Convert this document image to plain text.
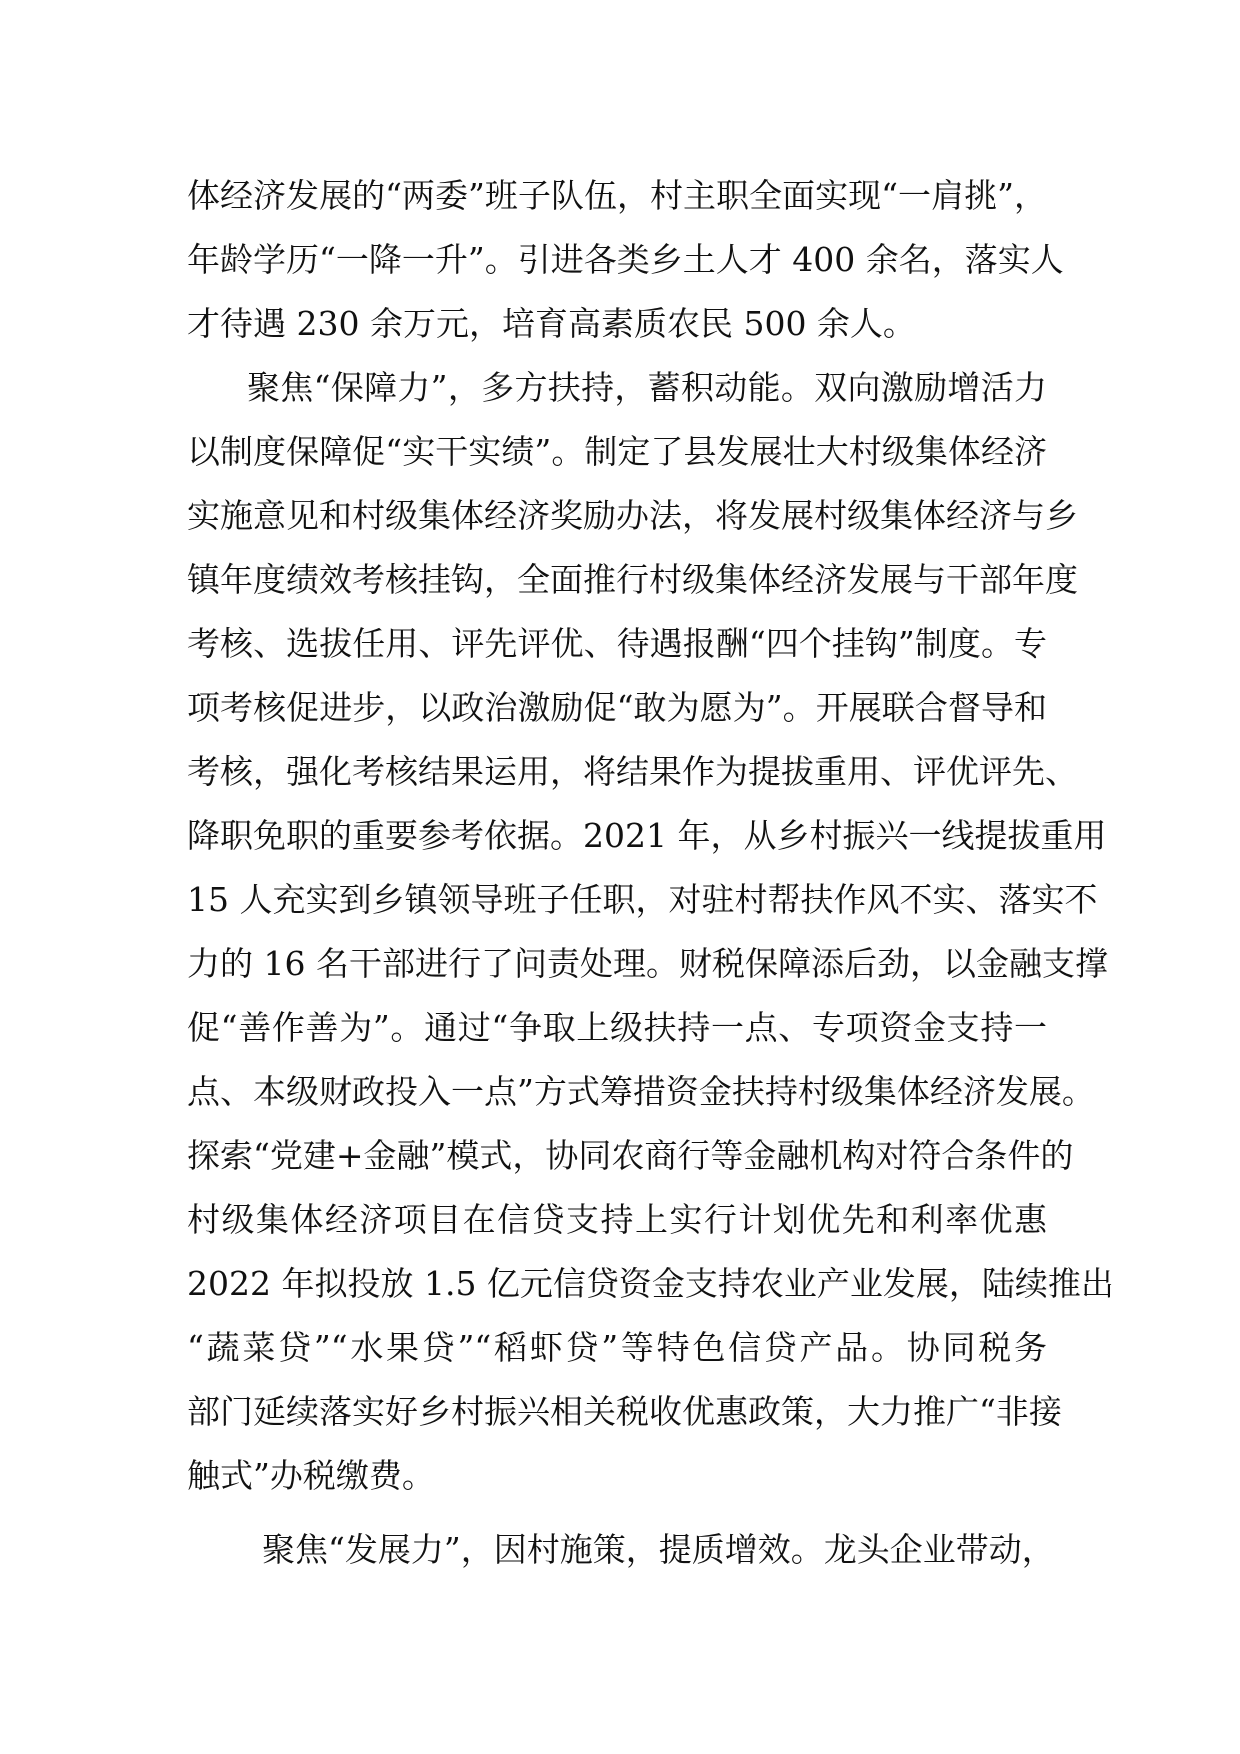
体经济发展的“两委”班子队伍，村主职全面实现“一肩挑”，
年龄学历“一降一升”。引进各类乡土人才 400 余名，落实人
才待遇 230 余万元，培育高素质农民 500 余人。
聚焦“保障力”，多方扶持，蓄积动能。双向激励增活力
以制度保障促“实干实绩”。制定了县发展壮大村级集体经济
实施意见和村级集体经济奖励办法，将发展村级集体经济与乡
镇年度绩效考核挂钩，全面推行村级集体经济发展与干部年度
考核、选拔任用、评先评优、待遇报酬“四个挂钩”制度。专
项考核促进步，以政治激励促“敢为愿为”。开展联合督导和
考核，强化考核结果运用，将结果作为提拔重用、评优评先、
降职免职的重要参考依据。2021 年，从乡村振兴一线提拔重用
15 人充实到乡镇领导班子任职，对驻村帮扶作风不实、落实不
力的 16 名干部进行了问责处理。财税保障添后劲，以金融支撑
促“善作善为”。通过“争取上级扶持一点、专项资金支持一
点、本级财政投入一点”方式筹措资金扶持村级集体经济发展。
探索“党建+金融”模式，协同农商行等金融机构对符合条件的
村级集体经济项目在信贷支持上实行计划优先和利率优惠
2022 年拟投放 1.5 亿元信贷资金支持农业产业发展，陆续推出
“蔬菜贷”“水果贷”“稻虾贷”等特色信贷产品。协同税务
部门延续落实好乡村振兴相关税收优惠政策，大力推广“非接
触式”办税缴费。
聚焦“发展力”，因村施策，提质增效。龙头企业带动，
